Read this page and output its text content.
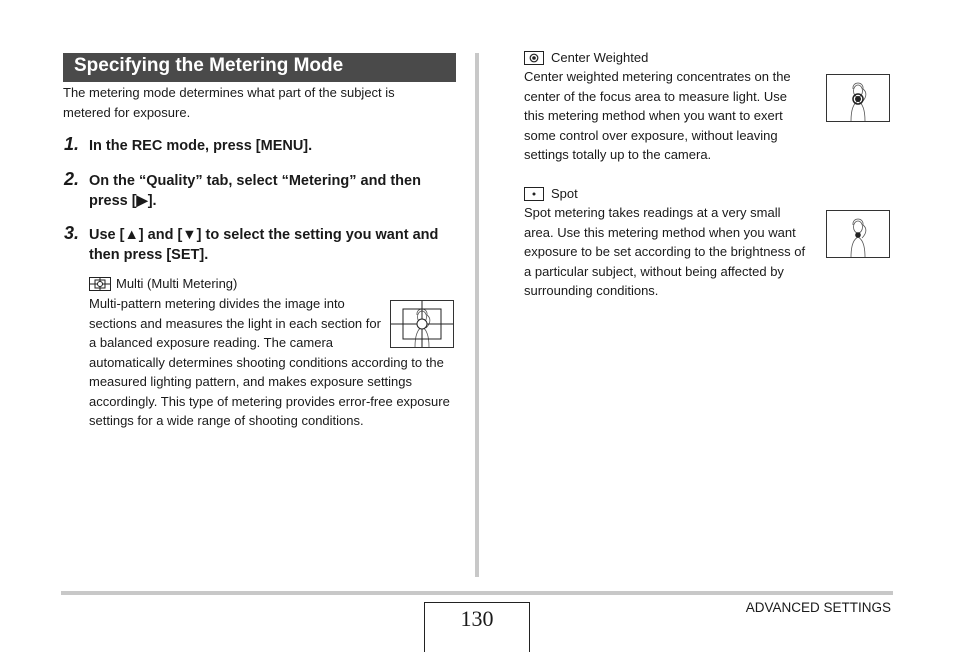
Specifying the Metering Mode
The metering mode determines what part of the subject is metered for exposure.
1. In the REC mode, press [MENU].
2. On the “Quality” tab, select “Metering” and then press [▶].
3. Use [▲] and [▼] to select the setting you want and then press [SET].
Multi (Multi Metering)
Multi-pattern metering divides the image into sections and measures the light in each section for a balanced exposure reading. The camera automatically determines shooting conditions according to the measured lighting pattern, and makes exposure settings accordingly. This type of metering provides error-free exposure settings for a wide range of shooting conditions.
Center Weighted
Center weighted metering concentrates on the center of the focus area to measure light. Use this metering method when you want to exert some control over exposure, without leaving settings totally up to the camera.
Spot
Spot metering takes readings at a very small area. Use this metering method when you want exposure to be set according to the brightness of a particular subject, without being affected by surrounding conditions.
130	ADVANCED SETTINGS
